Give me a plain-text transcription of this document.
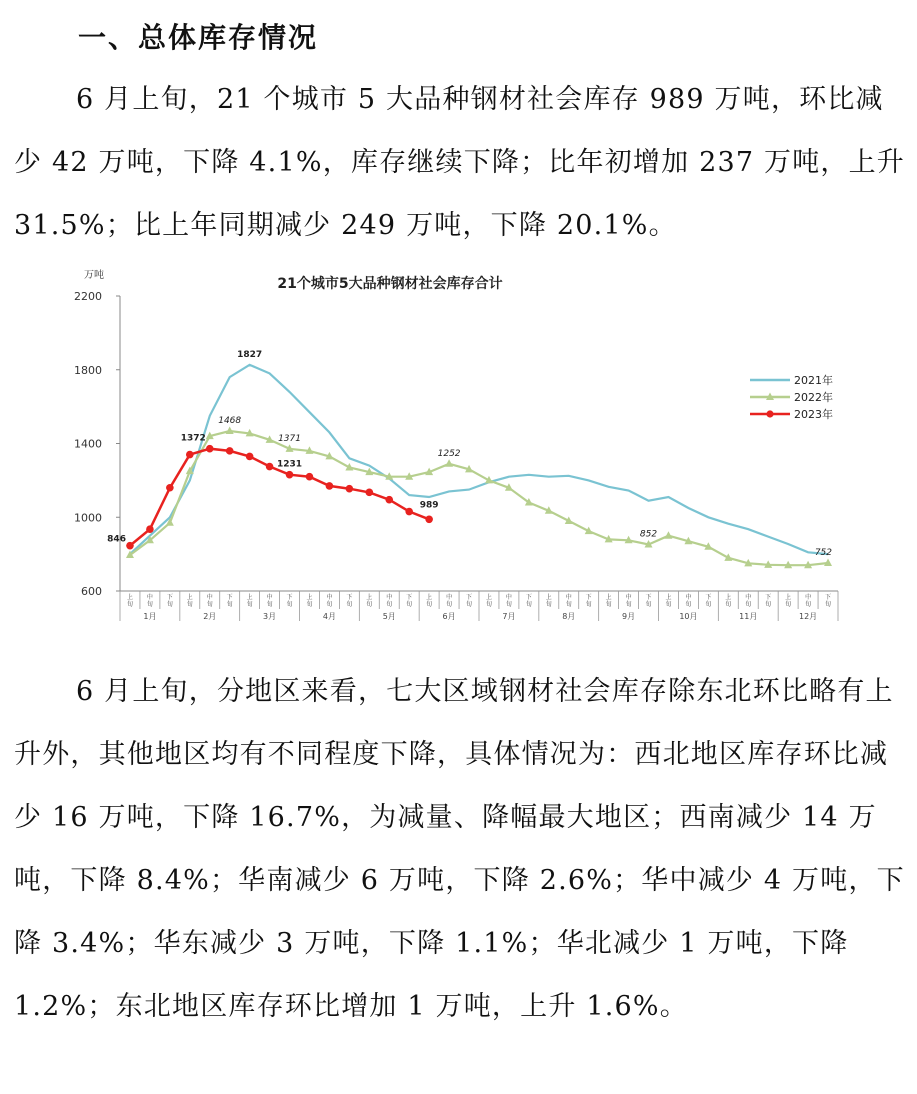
一、总体库存情况

6 月上旬，21 个城市 5 大品种钢材社会库存 989 万吨，环比减少 42 万吨，下降 4.1%，库存继续下降；比年初增加 237 万吨，上升 31.5%；比上年同期减少 249 万吨，下降 20.1%。

21个城市5大品种钢材社会库存合计
万吨
600
1000
1400
1800
2200
上旬
中旬
下旬
上旬
中旬
下旬
上旬
中旬
下旬
上旬
中旬
下旬
上旬
中旬
下旬
上旬
中旬
下旬
上旬
中旬
下旬
上旬
中旬
下旬
上旬
中旬
下旬
上旬
中旬
下旬
上旬
中旬
下旬
上旬
中旬
下旬
1月	2月	3月	4月	5月	6月	7月	8月	9月	10月	11月	12月
846
1372
1231
989
1827
1468
1371
1252
852
752
2021年
2022年
2023年

6 月上旬，分地区来看，七大区域钢材社会库存除东北环比略有上升外，其他地区均有不同程度下降，具体情况为：西北地区库存环比减少 16 万吨，下降 16.7%，为减量、降幅最大地区；西南减少 14 万吨，下降 8.4%；华南减少 6 万吨，下降 2.6%；华中减少 4 万吨，下降 3.4%；华东减少 3 万吨，下降 1.1%；华北减少 1 万吨，下降 1.2%；东北地区库存环比增加 1 万吨，上升 1.6%。
